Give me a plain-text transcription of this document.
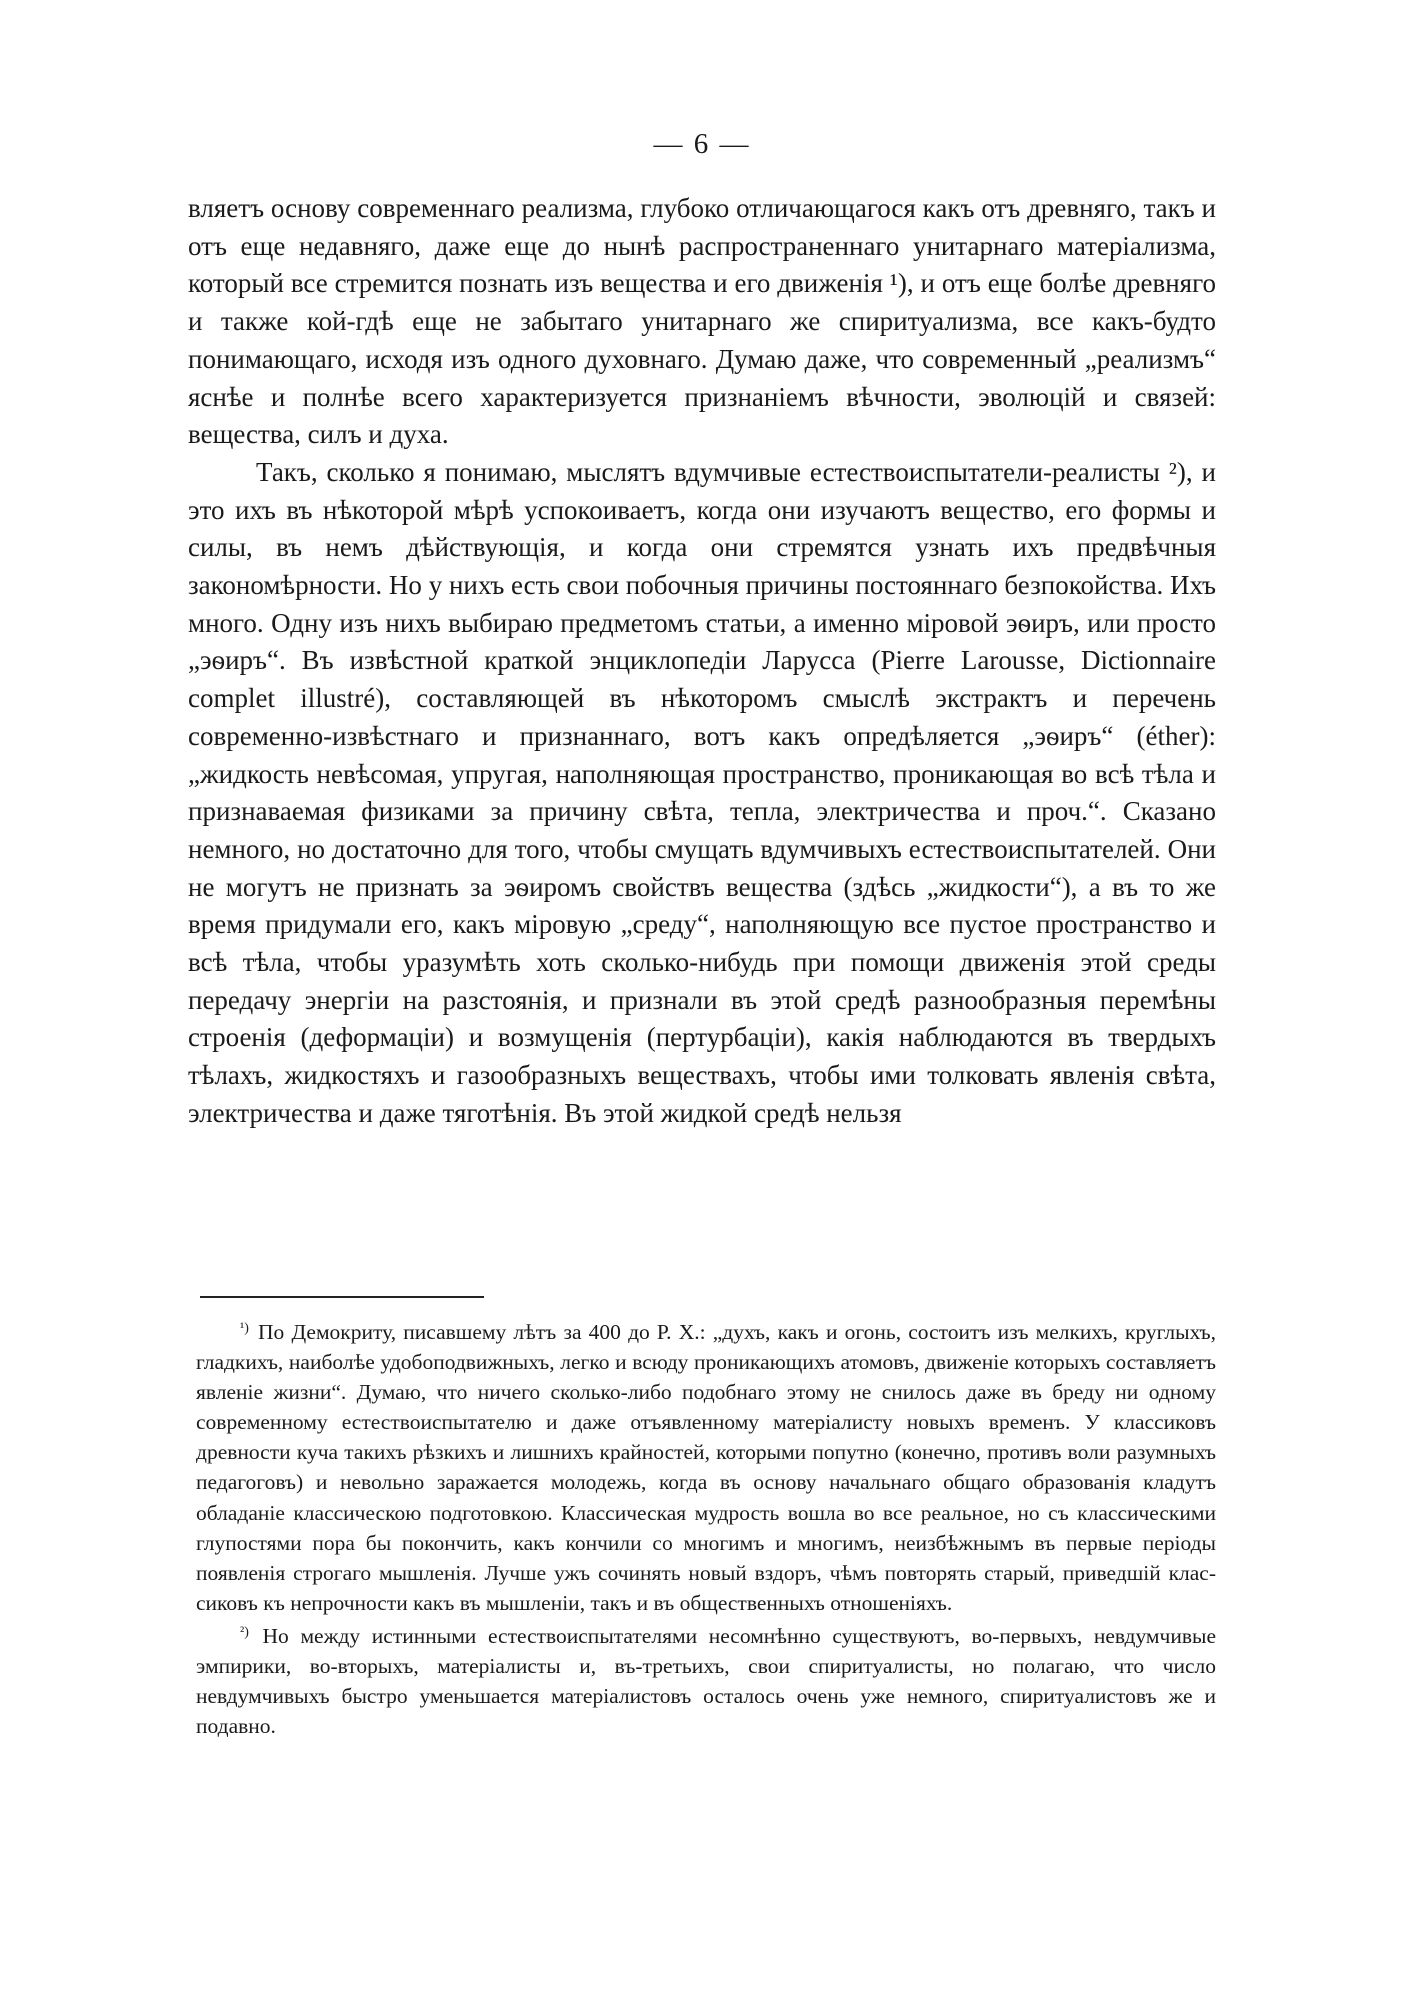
— 6 —

вляетъ основу современнаго реализма, глубоко отличающагося какъ отъ древняго, такъ и отъ еще недавняго, даже еще до нынѣ распространеннаго унитарнаго матеріализма, который все стремится познать изъ вещества и его движенія ¹), и отъ еще болѣе древняго и также кой-гдѣ еще не забытаго унитарнаго же спиритуализма, все какъ-будто понимающаго, исходя изъ одного духовнаго. Думаю даже, что современный „реализмъ“ яснѣе и полнѣе всего характеризуется признаніемъ вѣчности, эволюцій и связей: вещества, силъ и духа.

Такъ, сколько я понимаю, мыслятъ вдумчивые естествоиспытатели-реалисты ²), и это ихъ въ нѣкоторой мѣрѣ успокоиваетъ, когда они изучаютъ вещество, его формы и силы, въ немъ дѣйствующія, и когда они стремятся узнать ихъ предвѣчныя закономѣрности. Но у нихъ есть свои побочныя причины постояннаго безпокойства. Ихъ много. Одну изъ нихъ выбираю предметомъ статьи, а именно міровой эѳиръ, или просто „эѳиръ“. Въ извѣстной краткой энциклопедіи Ларусса (Pierre Larousse, Dictionnaire complet illustré), составляющей въ нѣкоторомъ смыслѣ экстрактъ и перечень современно-извѣстнаго и признаннаго, вотъ какъ опредѣляется „эѳиръ“ (éther): „жидкость невѣсомая, упругая, наполняющая пространство, проникающая во всѣ тѣла и признаваемая физиками за причину свѣта, тепла, электричества и проч.“. Сказано немного, но достаточно для того, чтобы смущать вдумчивыхъ естествоиспытателей. Они не могутъ не признать за эѳиромъ свойствъ вещества (здѣсь „жидкости“), а въ то же время придумали его, какъ міровую „среду“, наполняющую все пустое пространство и всѣ тѣла, чтобы уразумѣть хоть сколько-нибудь при помощи движенія этой среды передачу энергіи на разстоянія, и признали въ этой средѣ разнообразныя перемѣны строенія (деформаціи) и возмущенія (пертурбаціи), какія наблюдаются въ твердыхъ тѣлахъ, жидкостяхъ и газообразныхъ веществахъ, чтобы ими толковать явленія свѣта, электричества и даже тяготѣнія. Въ этой жидкой средѣ нельзя

$^{^1)}$ По Демокриту, писавшему лѣтъ за 400 до Р. Х.: „духъ, какъ и огонь, состоитъ изъ мелкихъ, круглыхъ, гладкихъ, наиболѣе удобоподвижныхъ, легко и всюду проникающихъ атомовъ, движеніе которыхъ составляетъ явленіе жизни“. Думаю, что ничего сколько-либо подобнаго этому не снилось даже въ бреду ни одному современному естествоиспытателю и даже отъявленному матеріалисту новыхъ временъ. У классиковъ древности куча такихъ рѣзкихъ и лишнихъ крайностей, которыми попутно (конечно, противъ воли разумныхъ педагоговъ) и невольно заражается молодежь, когда въ основу начальнаго общаго образованія кладутъ обладаніе классическою подготовкою. Классическая мудрость вошла во все реальное, но съ классическими глупостями пора бы покончить, какъ кончили со многимъ и многимъ, неизбѣжнымъ въ первые періоды появленія строгаго мышленія. Лучше ужъ сочинять новый вздоръ, чѣмъ повторять старый, приведшій классиковъ къ непрочности какъ въ мышленіи, такъ и въ общественныхъ отношеніяхъ.

$^{^2)}$ Но между истинными естествоиспытателями несомнѣнно существуютъ, во-первыхъ, невдумчивые эмпирики, во-вторыхъ, матеріалисты и, въ-третьихъ, свои спиритуалисты, но полагаю, что число невдумчивыхъ быстро уменьшается матеріалистовъ осталось очень уже немного, спиритуалистовъ же и подавно.
